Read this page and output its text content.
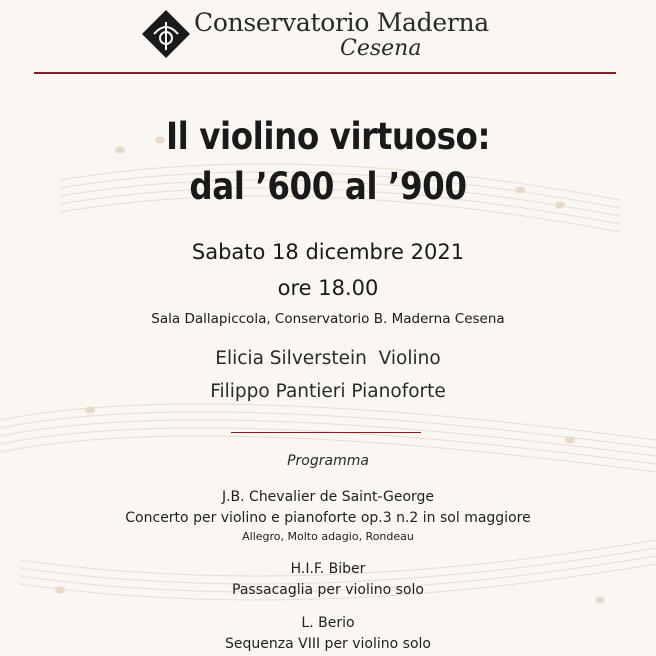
Conservatorio Maderna
Cesena
Il violino virtuoso:
dal ’600 al ’900
Sabato 18 dicembre 2021
ore 18.00
Sala Dallapiccola, Conservatorio B. Maderna Cesena
Elicia Silverstein Violino
Filippo Pantieri Pianoforte
Programma
J.B. Chevalier de Saint-George
Concerto per violino e pianoforte op.3 n.2 in sol maggiore
Allegro, Molto adagio, Rondeau
H.I.F. Biber
Passacaglia per violino solo
L. Berio
Sequenza VIII per violino solo
